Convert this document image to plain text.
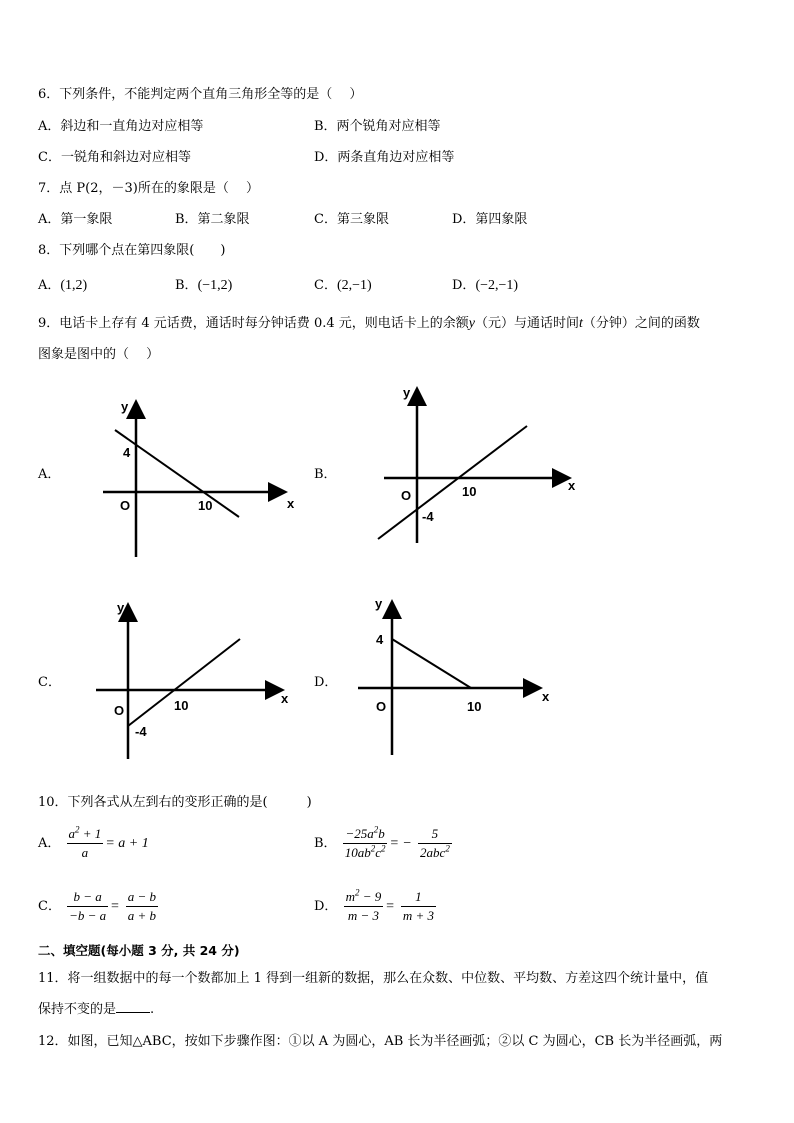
6．下列条件，不能判定两个直角三角形全等的是（　 ）
A．斜边和一直角边对应相等	B．两个锐角对应相等
C．一锐角和斜边对应相等	D．两条直角边对应相等
7．点 P(2，－3)所在的象限是（　 ）
A．第一象限	B．第二象限	C．第三象限	D．第四象限
8．下列哪个点在第四象限(　　)
A．(1,2)	B．(−1,2)	C．(2,−1)	D．(−2,−1)
9．电话卡上存有 4 元话费，通话时每分钟话费 0.4 元，则电话卡上的余额y（元）与通话时间t（分钟）之间的函数
图象是图中的（　 ）
A．	B．
C．	D．
y
x
4
O	10
y
x
O	10
-4
y
x
O	10
-4
y
x
4
O	10
10．下列各式从左到右的变形正确的是(　　　)
A． $\frac{a^2 + 1}{a} = a + 1$	B． $\frac{-25a^2b}{10ab^2c^2}$ = − $\frac{5}{2abc^2}$
C． $\frac{b - a}{-b - a} = \frac{a - b}{a + b}$	D． $\frac{m^2 - 9}{m - 3} = \frac{1}{m + 3}$
二、填空题(每小题 3 分, 共 24 分)
11．将一组数据中的每一个数都加上 1 得到一组新的数据，那么在众数、中位数、平均数、方差这四个统计量中，值
保持不变的是	.
12．如图，已知△ABC，按如下步骤作图：①以 A 为圆心，AB 长为半径画弧；②以 C 为圆心，CB 长为半径画弧，两
